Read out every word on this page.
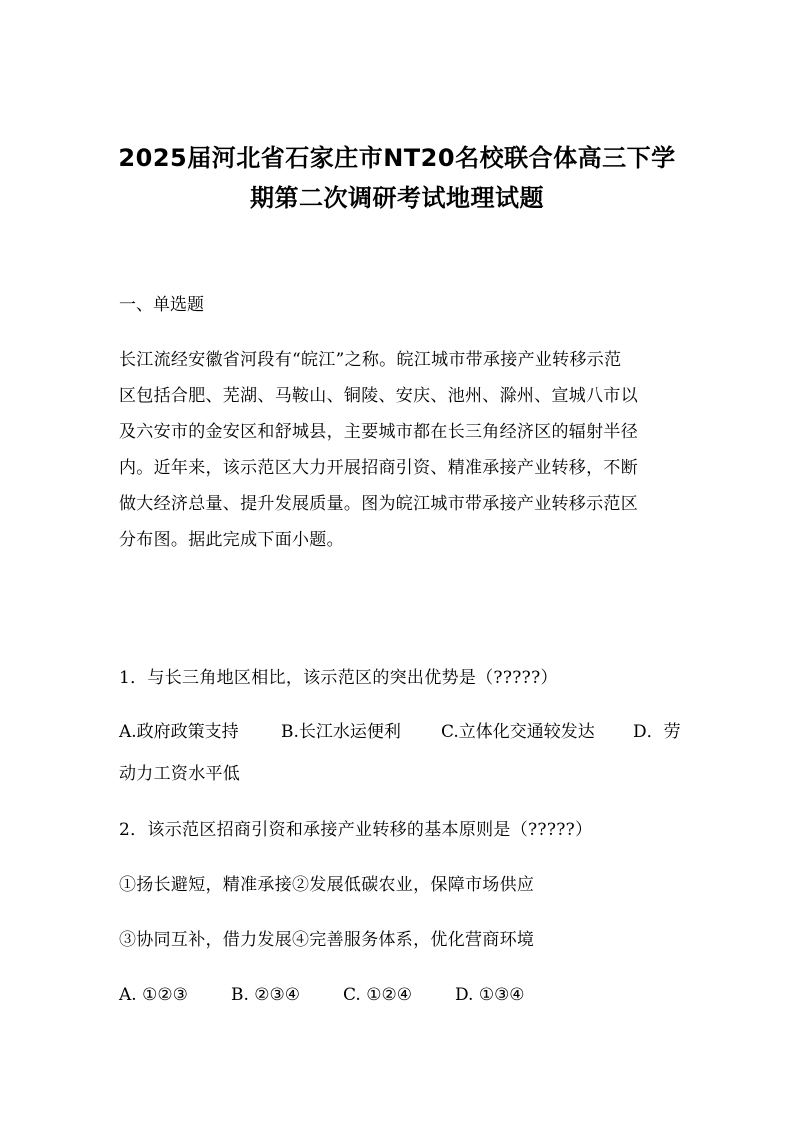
2025届河北省石家庄市NT20名校联合体高三下学
期第二次调研考试地理试题
一、单选题
长江流经安徽省河段有“皖江”之称。皖江城市带承接产业转移示范
区包括合肥、芜湖、马鞍山、铜陵、安庆、池州、滁州、宣城八市以
及六安市的金安区和舒城县，主要城市都在长三角经济区的辐射半径
内。近年来，该示范区大力开展招商引资、精准承接产业转移，不断
做大经济总量、提升发展质量。图为皖江城市带承接产业转移示范区
分布图。据此完成下面小题。
1．与长三角地区相比，该示范区的突出优势是（?????）
A.政府政策支持 B.长江水运便利 C.立体化交通较发达 D．劳
动力工资水平低
2．该示范区招商引资和承接产业转移的基本原则是（?????）
①扬长避短，精准承接②发展低碳农业，保障市场供应
③协同互补，借力发展④完善服务体系，优化营商环境
A. ①②③	B. ②③④	C. ①②④	D. ①③④
